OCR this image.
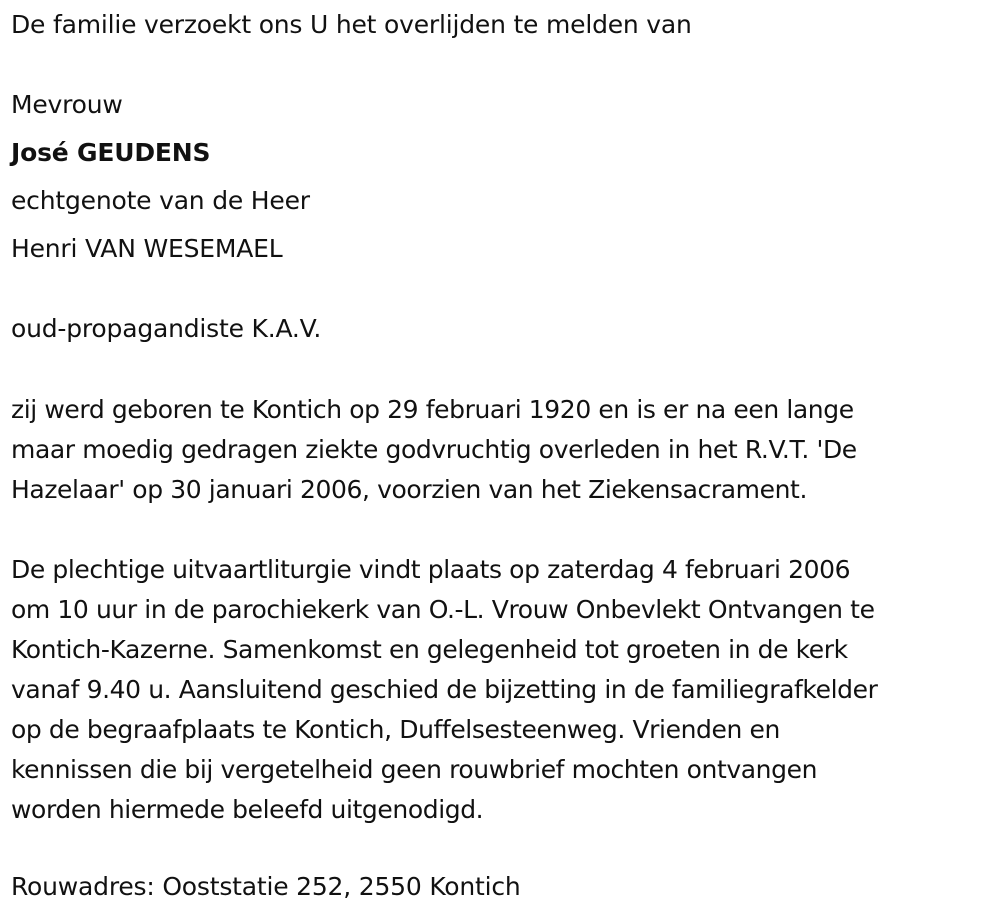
De familie verzoekt ons U het overlijden te melden van
Mevrouw
José GEUDENS
echtgenote van de Heer
Henri VAN WESEMAEL
oud-propagandiste K.A.V.
zij werd geboren te Kontich op 29 februari 1920 en is er na een lange
maar moedig gedragen ziekte godvruchtig overleden in het R.V.T. 'De
Hazelaar' op 30 januari 2006, voorzien van het Ziekensacrament.
De plechtige uitvaartliturgie vindt plaats op zaterdag 4 februari 2006
om 10 uur in de parochiekerk van O.-L. Vrouw Onbevlekt Ontvangen te
Kontich-Kazerne. Samenkomst en gelegenheid tot groeten in de kerk
vanaf 9.40 u. Aansluitend geschied de bijzetting in de familiegrafkelder
op de begraafplaats te Kontich, Duffelsesteenweg. Vrienden en
kennissen die bij vergetelheid geen rouwbrief mochten ontvangen
worden hiermede beleefd uitgenodigd.
Rouwadres: Ooststatie 252, 2550 Kontich
